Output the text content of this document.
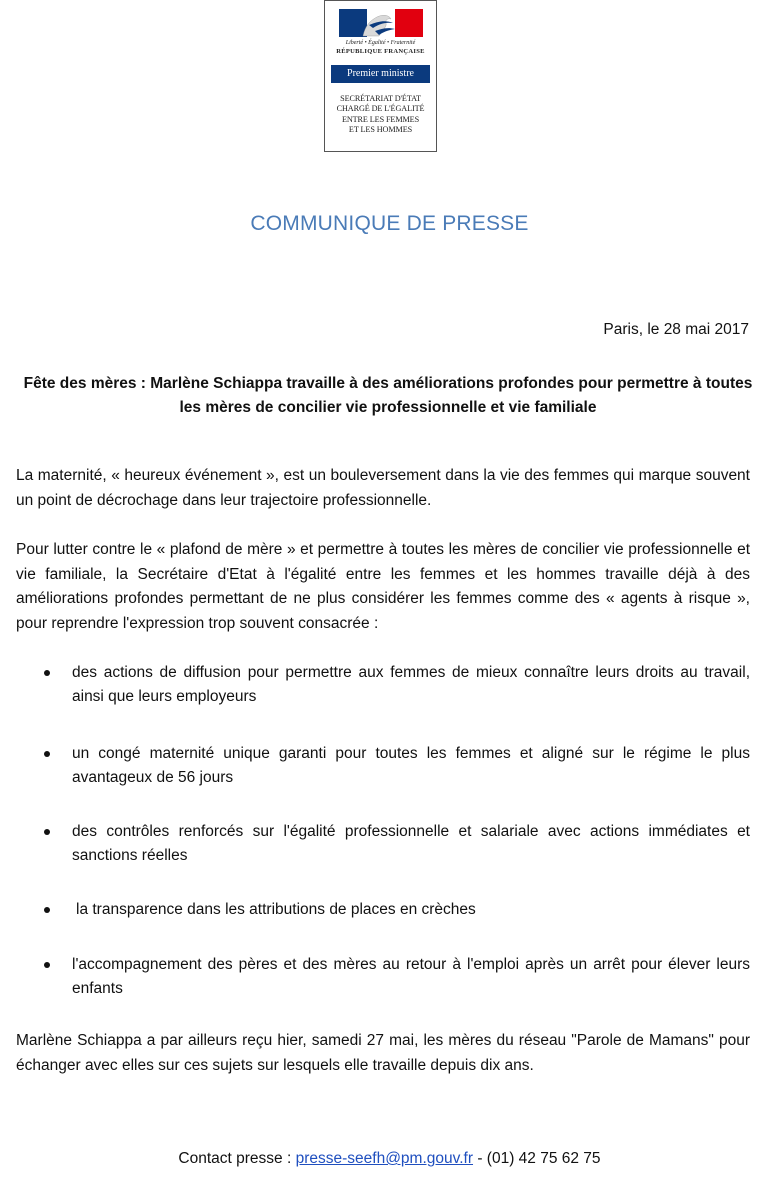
Liberté • Égalité • Fraternité
RÉPUBLIQUE FRANÇAISE
Premier ministre
SECRÉTARIAT D'ÉTAT
CHARGÉ DE L'ÉGALITÉ
ENTRE LES FEMMES
ET LES HOMMES
COMMUNIQUE DE PRESSE
Paris, le 28 mai 2017
Fête des mères : Marlène Schiappa travaille à des améliorations profondes pour permettre à toutes les mères de concilier vie professionnelle et vie familiale
La maternité, « heureux événement », est un bouleversement dans la vie des femmes qui marque souvent un point de décrochage dans leur trajectoire professionnelle.
Pour lutter contre le « plafond de mère » et permettre à toutes les mères de concilier vie professionnelle et vie familiale, la Secrétaire d'Etat à l'égalité entre les femmes et les hommes travaille déjà à des améliorations profondes permettant de ne plus considérer les femmes comme des « agents à risque », pour reprendre l'expression trop souvent consacrée :
des actions de diffusion pour permettre aux femmes de mieux connaître leurs droits au travail, ainsi que leurs employeurs
un congé maternité unique garanti pour toutes les femmes et aligné sur le régime le plus avantageux de 56 jours
des contrôles renforcés sur l'égalité professionnelle et salariale avec actions immédiates et sanctions réelles
la transparence dans les attributions de places en crèches
l'accompagnement des pères et des mères au retour à l'emploi après un arrêt pour élever leurs enfants
Marlène Schiappa a par ailleurs reçu hier, samedi 27 mai, les mères du réseau "Parole de Mamans" pour échanger avec elles sur ces sujets sur lesquels elle travaille depuis dix ans.
Contact presse : presse-seefh@pm.gouv.fr - (01) 42 75 62 75
